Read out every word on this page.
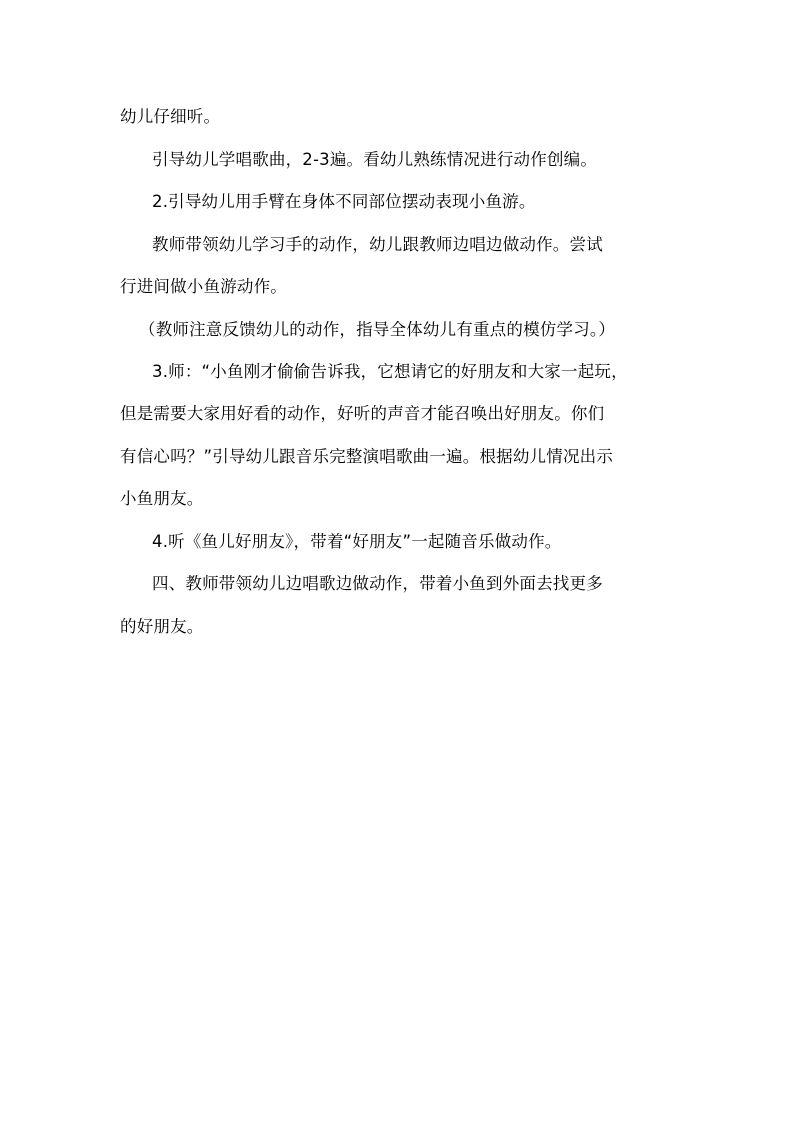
幼儿仔细听。
引导幼儿学唱歌曲，2-3遍。看幼儿熟练情况进行动作创编。
2.引导幼儿用手臂在身体不同部位摆动表现小鱼游。
教师带领幼儿学习手的动作，幼儿跟教师边唱边做动作。尝试
行进间做小鱼游动作。
（教师注意反馈幼儿的动作，指导全体幼儿有重点的模仿学习。）
3.师：“小鱼刚才偷偷告诉我，它想请它的好朋友和大家一起玩，
但是需要大家用好看的动作，好听的声音才能召唤出好朋友。你们
有信心吗？”引导幼儿跟音乐完整演唱歌曲一遍。根据幼儿情况出示
小鱼朋友。
4.听《鱼儿好朋友》，带着“好朋友”一起随音乐做动作。
四、教师带领幼儿边唱歌边做动作，带着小鱼到外面去找更多
的好朋友。
